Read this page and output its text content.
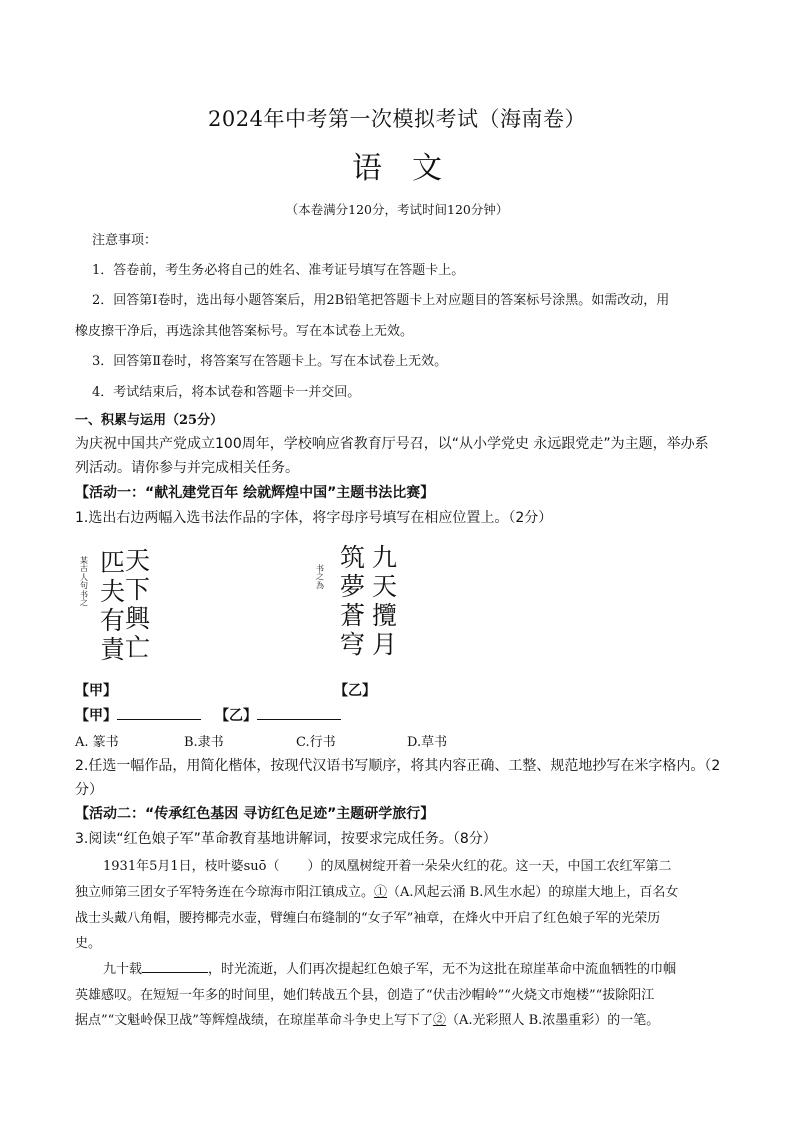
2024年中考第一次模拟考试（海南卷）
语　文
（本卷满分120分，考试时间120分钟）
注意事项：
1．答卷前，考生务必将自己的姓名、准考证号填写在答题卡上。
2．回答第Ⅰ卷时，选出每小题答案后，用2B铅笔把答题卡上对应题目的答案标号涂黑。如需改动，用
橡皮擦干净后，再选涂其他答案标号。写在本试卷上无效。
3．回答第Ⅱ卷时，将答案写在答题卡上。写在本试卷上无效。
4．考试结束后，将本试卷和答题卡一并交回。
一、积累与运用（25分）
为庆祝中国共产党成立100周年，学校响应省教育厅号召，以“从小学党史 永远跟党走”为主题，举办系
列活动。请你参与并完成相关任务。
【活动一：“献礼建党百年 绘就辉煌中国”主题书法比赛】
1.选出右边两幅入选书法作品的字体，将字母序号填写在相应位置上。（2分）
某古人句书之
匹夫有責
天下興亡
书之為
筑夢蒼穹
九天攬月
【甲】	【乙】
【甲】	【乙】
A. 篆书	B.隶书	C.行书	D.草书
2.任选一幅作品，用简化楷体，按现代汉语书写顺序，将其内容正确、工整、规范地抄写在米字格内。（2
分）
【活动二：“传承红色基因 寻访红色足迹”主题研学旅行】
3.阅读“红色娘子军”革命教育基地讲解词，按要求完成任务。（8分）
1931年5月1日，枝叶婆suō（ ）的凤凰树绽开着一朵朵火红的花。这一天，中国工农红军第二
独立师第三团女子军特务连在今琼海市阳江镇成立。①（A.风起云涌 B.风生水起）的琼崖大地上，百名女
战士头戴八角帽，腰挎椰壳水壶，臂缠白布缝制的“女子军”袖章，在烽火中开启了红色娘子军的光荣历
史。
九十载	，时光流逝，人们再次提起红色娘子军，无不为这批在琼崖革命中流血牺牲的巾帼
英雄感叹。在短短一年多的时间里，她们转战五个县，创造了“伏击沙帽岭”“火烧文市炮楼”“拔除阳江
据点”“文魁岭保卫战”等辉煌战绩，在琼崖革命斗争史上写下了②（A.光彩照人 B.浓墨重彩）的一笔。
